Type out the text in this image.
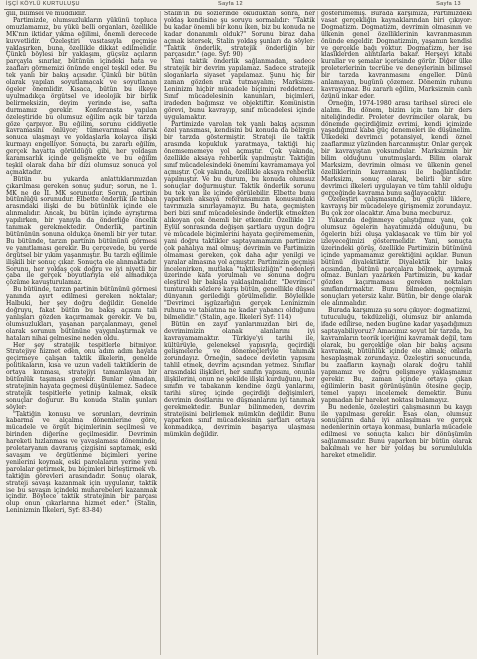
İŞÇİ KÖYLÜ KURTULUŞU	Sayfa 12	Sayfa 13

gili, bilimsel ve muddildir.

Partimizde, olumsuzlukların yükünü topluca omuzlamamız, bu yükü belli organları, özellikle MK'nın iktidar yıkma eğilimi, önemli derecede kuvvetlidir. Özeleştiri vasıtasıyla geçmişe yaklaşırken, buna, özellikle dikkat edilmelidir. Çünkü böylesi bir yaklaşım, güçsüz açıların parçayla sınırlar, bütünün içindeki hata ve zaafları görmemizi önünde engel teşkil eder. Bu tek yanlı bir bakış açısıdır. Çünkü bir bütün olarak yapılan soyutlamacak ve soyutlanan ögeler önemlidir. Kısaca, bütün bu ilkeye uyulmadıkça örgütsel ve ideolojik bir birlik belirmeksizin, deyim yerinde ise, safta durmamız gerekir. Konferansta yapılan özeleştiride bu olumsuz eğilim açık bir tarzda göze çarpıyor. Bu eğilim, sorunu ciddiyetle kavramasını önlüyor; tümevarımsal olarak sonuca ulaşmayı ve yoldaşlarla kolayca ilişki kurmayı engelliyor. Sonuçta, bu zararlı eğilim, gerçek hayatta görüldüğü gibi, her yoldaşın karamsarlık içinde gelişmekte ve bu eğilim teşkil olarak daha bir dizi olumsuz sonuca yol açmaktadır.

Bütün bu yukarda anlattıklarımızdan çıkarılması gereken sonuç şudur; sorun, ne 1. MK ne de II. MK sorunudur. Sorun, partinin bütünlüğü sorunudur. Elbette önderlik ile taban arasındaki ilişki de bu bütünlük içinde ele alınmalıdır. Ancak, bu bütün içinde ayrıştırma yapılırken, bir yanıyla da önderliğe öncelik tanımak gerekmektedir. Önderlik, partinin bütününün sonuna oldukça önemli bir yer tutar. Bu bütünde, tarzın partinin bütününü görmesi ve yanıtlaması gerekir. Bu çerçevede, bu yerde örgütsel bir yıkım yaşanmıştır. Bu tarzlı eğilimle ilişkili bir sonuç çıkar. Sonuçta ele alınmaktadır. Sorunu, her yoldaş çok doğru ve iyi niyetli bir çaba ile gerçek boyutlarıyla ele almadıkça çözüme kavuşturulamaz.

Bu bütünde, tarzın partinin bütününü görmesi yanında ayırt edilmesi gereken noktalar; Halbuki, her şey doğru değildir. Genelde doğruyu, fakat bütün bu bakış açısını tali yanlışları gözden kaçırmamak gerekir. Ve bu, olumsuzlukları, yaşanan parçalanmayı, genel olarak sorunun bütününe yaygınlaştırmak ve hataları nihai gelmesine neden oldu.

Her şey stratejik tespitlerle bitmiyor. Stratejiye hizmet eden, onu adım adım hayata geçirmeye çalışan taktik ilkelerin, genelde politikaların, kısa ve uzun vadeli taktiklerin de ortaya konması, stratejiyi tamamlayan bir bütünlük taşıması gerekir. Bunlar olmadan, stratejinin hayata geçmesi düşünülemez. Sadece stratejik tespitlerle yetinip kalmak, eksik sonuçlar doğurur. Bu konuda Stalin şunları söyler:

"Taktiğin konusu ve sorunları, devrimin kabarma ve alçalma dönemlerine göre, mücadele ve örgüt biçimlerinin seçilmesi ve birinden diğerine geçilmesidir. Devrimin hareketi hızlanması ve yavaşlaması döneminde, proletaryanın davranış çizgisini saptamak, eski savaşım ve örgütlenme biçimleri yerine yenilerini koymak, eski parolaların yerine yeni parolalar getirmek, bu biçimleri birleştirmek vb. taktiğin görevleri arasındadır. Sonuç olarak, strateji savaşı kazanmak için uygulanır, taktik ise bu savaşın içindeki muharebeleri kazanmak içindir. Böylece taktik stratejinin bir parçası olup onun çıkarlarına hizmet eder." (Stalin, Leninizmin İlkeleri, Syf: 83-84)

Stalin'in bu sözlerinde okuduktan sonra, her yoldaş kendisine şu soruyu sormalıdır: "Taktik bu kadar önemli bir konu iken, biz bu konuda ne kadar donanımlı olduk?" Sorunu biraz daha açmak istersek, Stalin yoldaş şunları da söyler: "Taktik önderlik, stratejik önderliğin bir parçasıdır." (age. Syf: 90)

Yani taktik önderlik sağlanmadan, sadece stratejik bir devrim yapılamaz. Sadece stratejik sloganlarla siyaset yapılamaz. Şunu hiç bir zaman gözden ırak tutmayalım; Marksizm-Leninizm hiçbir mücadele biçimini reddetmez. Sınıf mücadelesinin kanunları, biçimleri, iradeden bağımsız ve objektiftir. Komünistin görevi, bunu kavrayıp, sınıf mücadelesi içinde uygulamaktır.

Partimizde varolan tek yanlı bakış açısının özel yansıması, kendisini bu konuda da belirgin bir tarzda göstermiştir. Strateji ile taktik arasında kopukluk yaratmaya, taktiği hiç önemsememeye yol açmıştır. Çok yakında, özellikle aksaya rehberlik yapılmıştır. Taktiğin sınıf mücadelesindeki önemini kavramamaya yol açmıştır. Çok yakında, özellikle aksaya rehberlik yapılmıştır. Ve bu durum, bu konuda olumsuz sonuçlar doğurmuştur. Taktik önderlik sorunu bu tek yan ile içinde görülebilir. Elbette bunu yaparken aksaya referansımızın konusundaki tavrımızla sınırlayamayız. Bu hata, geçmişten beri bizi sınıf mücadelesinde önderlik etmekten alıkoyan çok önemli bir etkendir. Özellikle 12 Eylül sonrasında değişen şartlara uygun doğru ve mücadele biçimlerini hayata geçirememenin, yani doğru taktikler saptayamamızın partimize çok pahalıya mal olmuş; devrimin ve Partimizin olmaması gereken, çok daha ağır yenilgi ve yaralar almasına yol açmıştır. Partimizin geçmişi incelenirken, mutlaka "taktiksizliğin" nedenleri üzerinde kafa yorulmalı ve sonuna doğru eleştirel bir bakışla yaklaşılmalıdır. "Devrimci" tumturaklı sözlere karşı bütün, genellikle düşsel dünyanın gerilediği görülmelidir. Böylelikle "Devrimci işgüzarlığın gerçek Leninizmin ruhuna ve tabiatına ne kadar yabancı olduğunu bilmelidir." (Stalin, age. İlkeleri Syf: 114)

Bütün en zayıf yanlarımızdan biri de, devrimimizin olanak alanlarını iyi kavrayamamaktır. Türkiye'yi tarihi ile, kültürüyle, geleneksel yapısıyla, geçirdiği gelişmelerle ve dönemeçleriyle tanımak zorundayız. Örneğin, sadece devletin yapısını tahlil etmek, devrim açısından yetmez. Sınıflar arasındaki ilişkileri, her sınıfın yapısını, onunla ilişkilerini, onun ne şekilde ilişki kurduğunu, her sınıfın ve tabakanın kendine özgü yanlarını, tarihi süreç içinde geçirdiği değişimleri, devrimin dostlarını ve düşmanlarını iyi tanımak gerekmektedir. Bunlar bilinmeden, devrim stratejisini belirlemek mümkün değildir. Bunu yaparken sınıf mücadelesinin şartları ortaya konmadıkça, devrimin başarıya ulaşması mümkün değildir.

gösterilmemiş. Burada karşımıza, Partimizdeki vasat gerçekliğin kaynaklarından biri çıkıyor: Dogmatizm. Dogmatizm, devrimin olmasının ve ülkenin genel özelliklerinin kavranmasının önünde engeldir. Dogmatizmin, yaşamın kendisi ve gerçekle bağı yoktur. Dogmatizm, her işe klasiklerden alıntılarla bakar. Herşeyi kitabi kurallar ve şemalar içerisinde görür. Diğer ülke proleterlerinin tecrübe ve deneylerinin bilimsel bir tarzda kavranmasını engeller. Dünü anlamayan, bugünü çözemez. Dönemin ruhunu kavrayamaz. Bu zararlı eğilim, Marksizmin canlı özünü inkar eder.

Örneğin, 1974-1980 arası tarihsel süreci ele alalım. Bu dönem, bizim için tam bir ders niteliğindedir. Proleter devrimciler olarak, bu dönemde geçirdiğimiz evrimi, kendi içimizde yaşadığımız kaba güç denemeleri ile düşünelim. Ülkedeki devrimci potansiyel, kendi öznel zaaflarımız yüzünden harcanmıştır. Onlar gerçek bir kavrayıştan yoksundular. Marksizmin bir bilim olduğunu unutmuşlardı. Bilim olarak Marksizm, devrimin olması ve ülkenin genel özelliklerinin kavranması ile bağlantılıdır. Marksizm, sonuç olarak, belirli bir süre devrimci ilkeleri uygulayan ve tüm tahlil olduğu gerçeğinde kavrama bunu sağlayacaktır.

Özeleştiri çalışmasında, bu güçlü liklere, kavrayış bir mücadeleye girişmemiz zorundayız. Bu çok zor olacaktır. Ama buna mecburuz.

Yukarıda değinmeye çalıştığımız yanı, çok olumsuz ögelerin hayatımızda olduğunu, bu ögelerin bizi oluşa yaklaşacak ve tüm bir yol izleyeceğimizi göstermelidir. Yani, sonuçta üzerindeki görüş, özellikle Partimizin bütününü içinde yapmamamız gerektiğini açıklar. Bunun bütünü diyalektiktir. Diyalektik bir bakış açısından, bütünü parçalara bölmek, ayırmak olmaz. Bunları yazarken Partimizin, bu kadar gözden kaçırmaması gereken noktaları sınıflandırmaktır. Bunu bilmeden, geçmişin sonuçları yetersiz kalır. Bütün, bir denge olarak ele alınmalıdır.

Burada karşımıza şu soru çıkıyor: dogmatizmi, tutuculuğu, tekdüzeliği, olumsuz bir anlamda ifade edilirse, neden bugüne kadar yaşadığımızı saptayabiliyoruz? Amacımız soyut bir tarzda, bu kavramların teorik içeriğini kavramak değil, tam olarak, bu gerçekliğe olan bir bakış açısını kavramak, bütünlük içinde ele almak; onlarla hesaplaşmak zorundayız. Özeleştiri sonucunda, bu zaafların kaynağı olarak doğru tahlil yapmamız ve doğru gelişmeye yaklaşmamız gerekir. Bu, zaman içinde ortaya çıkan eğilimlerin basit görünüşünün ötesine geçip, temel yapıyı incelemek demektir. Bunu yapmadan bir hareket noktası bulamayız.

Bu nedenle, özeleştiri çalışmasının bu kaygı ile yapılması gerekir. Esas olan, olumsuz sonuçların daha iyi anlaşılması ve gerçek nedenlerinin ortaya konması, bunlarla mücadele edilmesi ve sonuçta kalıcı bir dönüşümün sağlanmasıdır. Bunu yaparken bir bütün olarak bakılmalı ve her bir yoldaş bu sorumlulukla hareket etmelidir.
